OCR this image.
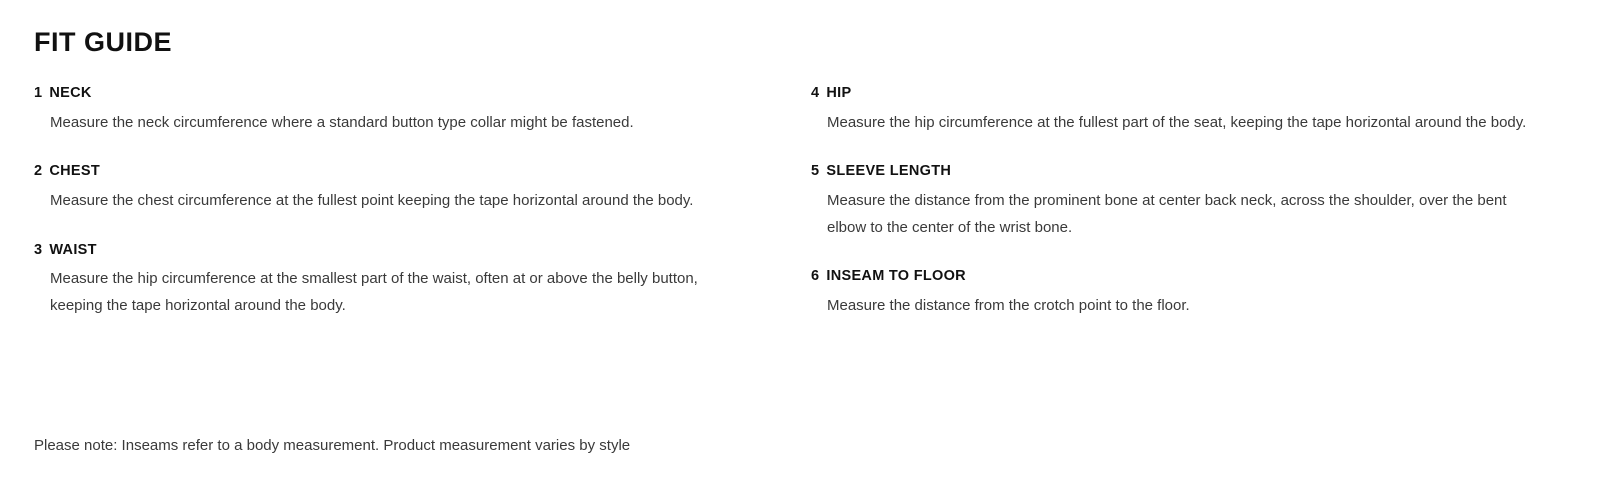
FIT GUIDE
1 NECK
Measure the neck circumference where a standard button type collar might be fastened.
2 CHEST
Measure the chest circumference at the fullest point keeping the tape horizontal around the body.
3 WAIST
Measure the hip circumference at the smallest part of the waist, often at or above the belly button, keeping the tape horizontal around the body.
4 HIP
Measure the hip circumference at the fullest part of the seat, keeping the tape horizontal around the body.
5 SLEEVE LENGTH
Measure the distance from the prominent bone at center back neck, across the shoulder, over the bent elbow to the center of the wrist bone.
6 INSEAM TO FLOOR
Measure the distance from the crotch point to the floor.
Please note: Inseams refer to a body measurement. Product measurement varies by style
